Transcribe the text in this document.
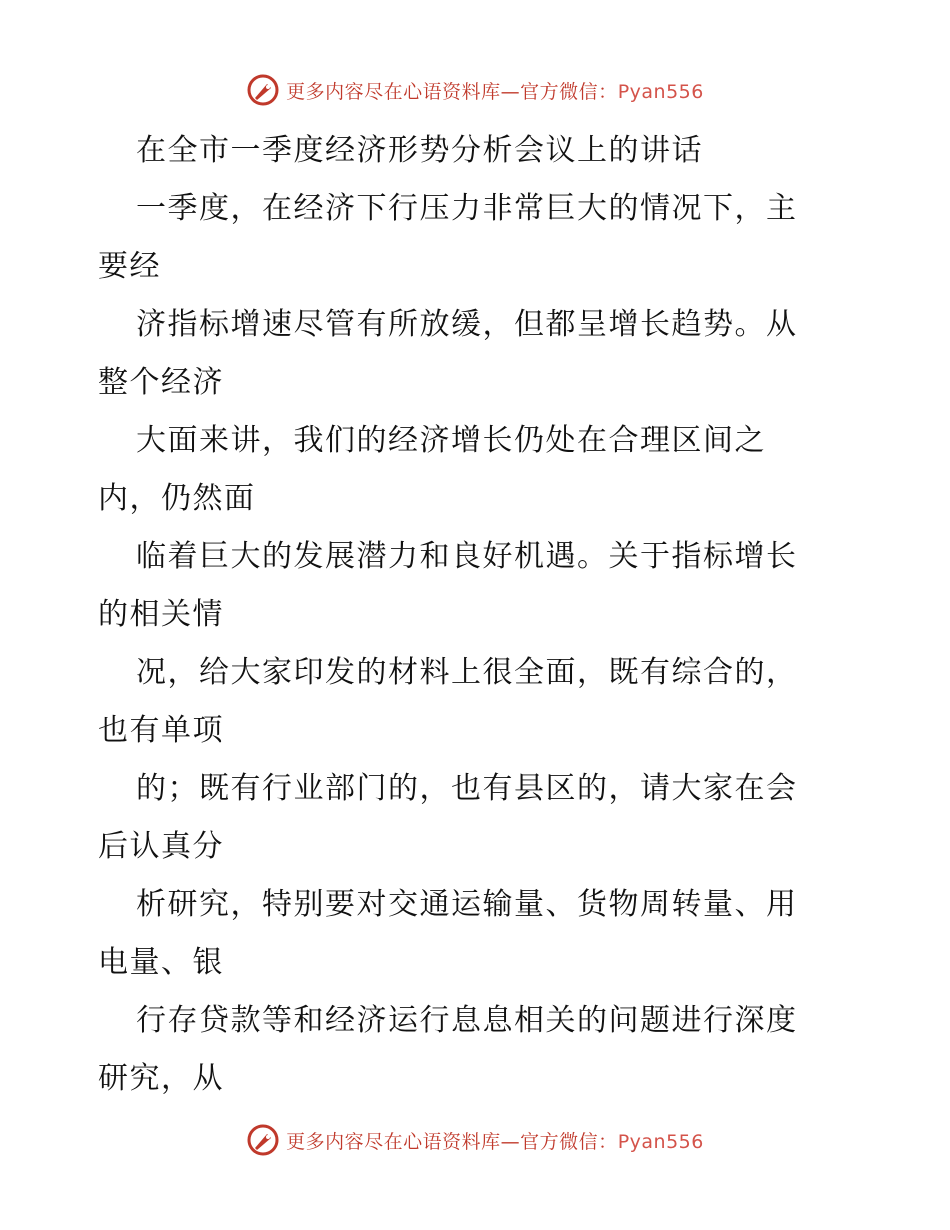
更多内容尽在心语资料库—官方微信：Pyan556
在全市一季度经济形势分析会议上的讲话
一季度，在经济下行压力非常巨大的情况下，主
要经
济指标增速尽管有所放缓，但都呈增长趋势。从
整个经济
大面来讲，我们的经济增长仍处在合理区间之
内，仍然面
临着巨大的发展潜力和良好机遇。关于指标增长
的相关情
况，给大家印发的材料上很全面，既有综合的，
也有单项
的；既有行业部门的，也有县区的，请大家在会
后认真分
析研究，特别要对交通运输量、货物周转量、用
电量、银
行存贷款等和经济运行息息相关的问题进行深度
研究，从
更多内容尽在心语资料库—官方微信：Pyan556
